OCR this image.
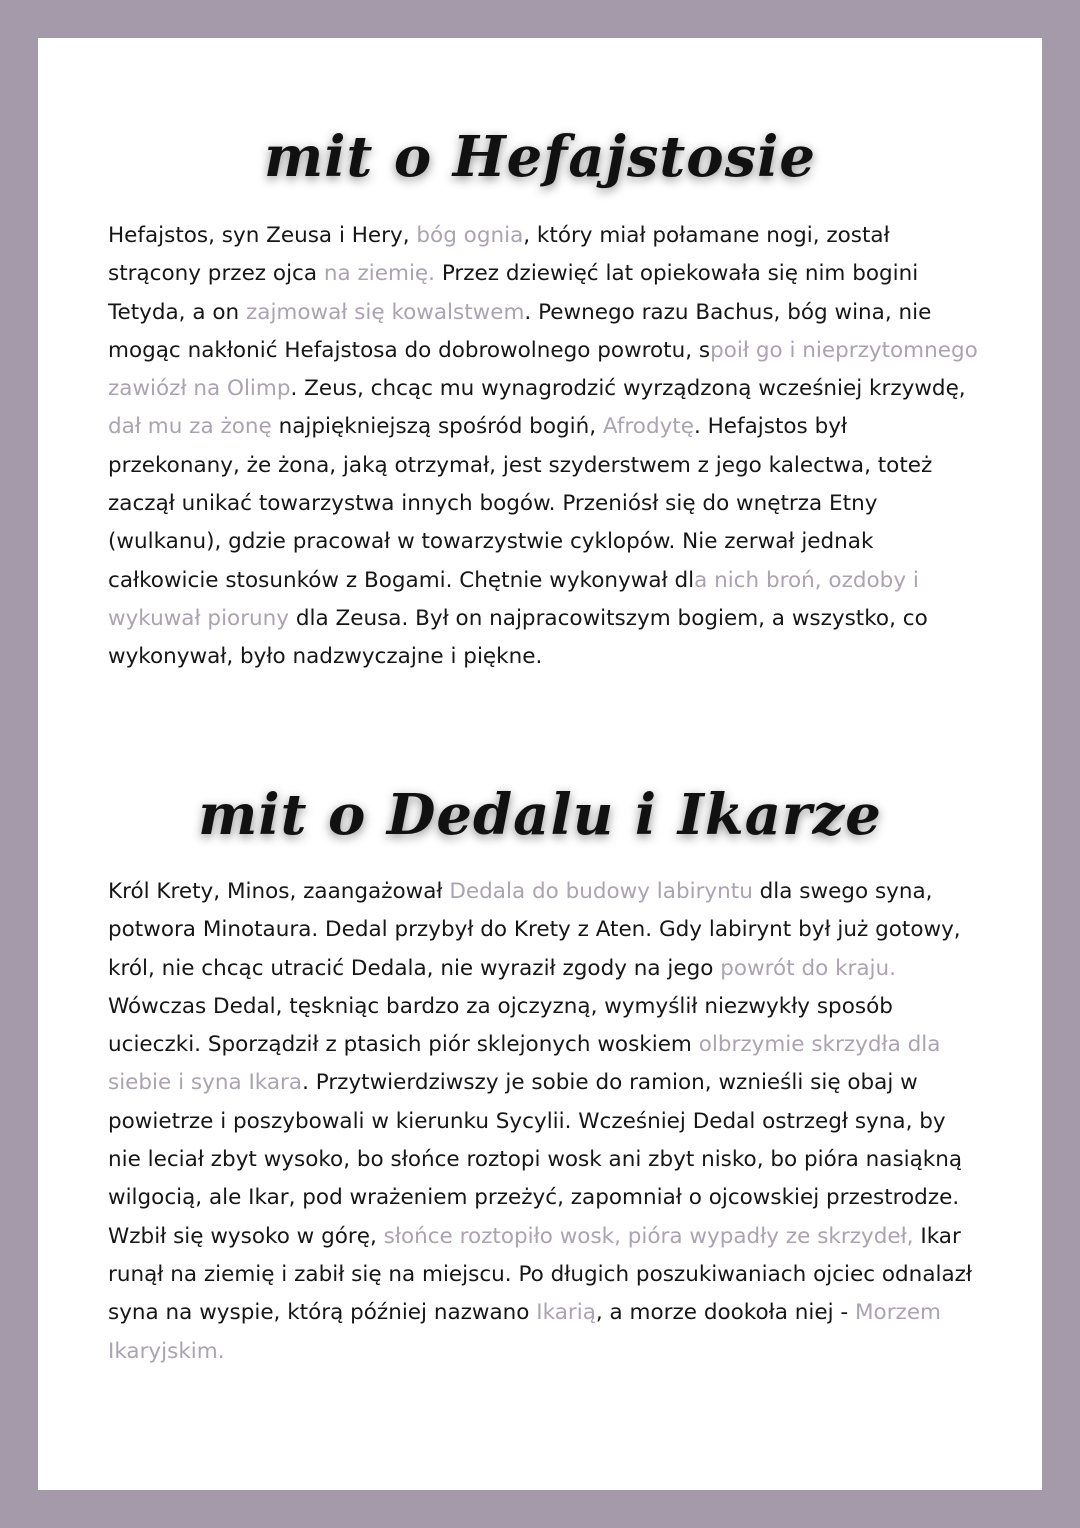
mit o Hefajstosie
Hefajstos, syn Zeusa i Hery, bóg ognia, który miał połamane nogi, został strącony przez ojca na ziemię. Przez dziewięć lat opiekowała się nim bogini Tetyda, a on zajmował się kowalstwem. Pewnego razu Bachus, bóg wina, nie mogąc nakłonić Hefajstosa do dobrowolnego powrotu, spoił go i nieprzytomnego zawiózł na Olimp. Zeus, chcąc mu wynagrodzić wyrządzoną wcześniej krzywdę, dał mu za żonę najpiękniejszą spośród bogiń, Afrodytę. Hefajstos był przekonany, że żona, jaką otrzymał, jest szyderstwem z jego kalectwa, toteż zaczął unikać towarzystwa innych bogów. Przeniósł się do wnętrza Etny (wulkanu), gdzie pracował w towarzystwie cyklopów. Nie zerwał jednak całkowicie stosunków z Bogami. Chętnie wykonywał dla nich broń, ozdoby i wykuwał pioruny dla Zeusa. Był on najpracowitszym bogiem, a wszystko, co wykonywał, było nadzwyczajne i piękne.
mit o Dedalu i Ikarze
Król Krety, Minos, zaangażował Dedala do budowy labiryntu dla swego syna, potwora Minotaura. Dedal przybył do Krety z Aten. Gdy labirynt był już gotowy, król, nie chcąc utracić Dedala, nie wyraził zgody na jego powrót do kraju. Wówczas Dedal, tęskniąc bardzo za ojczyzną, wymyślił niezwykły sposób ucieczki. Sporządził z ptasich piór sklejonych woskiem olbrzymie skrzydła dla siebie i syna Ikara. Przytwierdziwszy je sobie do ramion, wznieśli się obaj w powietrze i poszybowali w kierunku Sycylii. Wcześniej Dedal ostrzegł syna, by nie leciał zbyt wysoko, bo słońce roztopi wosk ani zbyt nisko, bo pióra nasiąkną wilgocią, ale Ikar, pod wrażeniem przeżyć, zapomniał o ojcowskiej przestrodze. Wzbił się wysoko w górę, słońce roztopiło wosk, pióra wypadły ze skrzydeł, Ikar runął na ziemię i zabił się na miejscu. Po długich poszukiwaniach ojciec odnalazł syna na wyspie, którą później nazwano Ikarią, a morze dookoła niej - Morzem Ikaryjskim.
